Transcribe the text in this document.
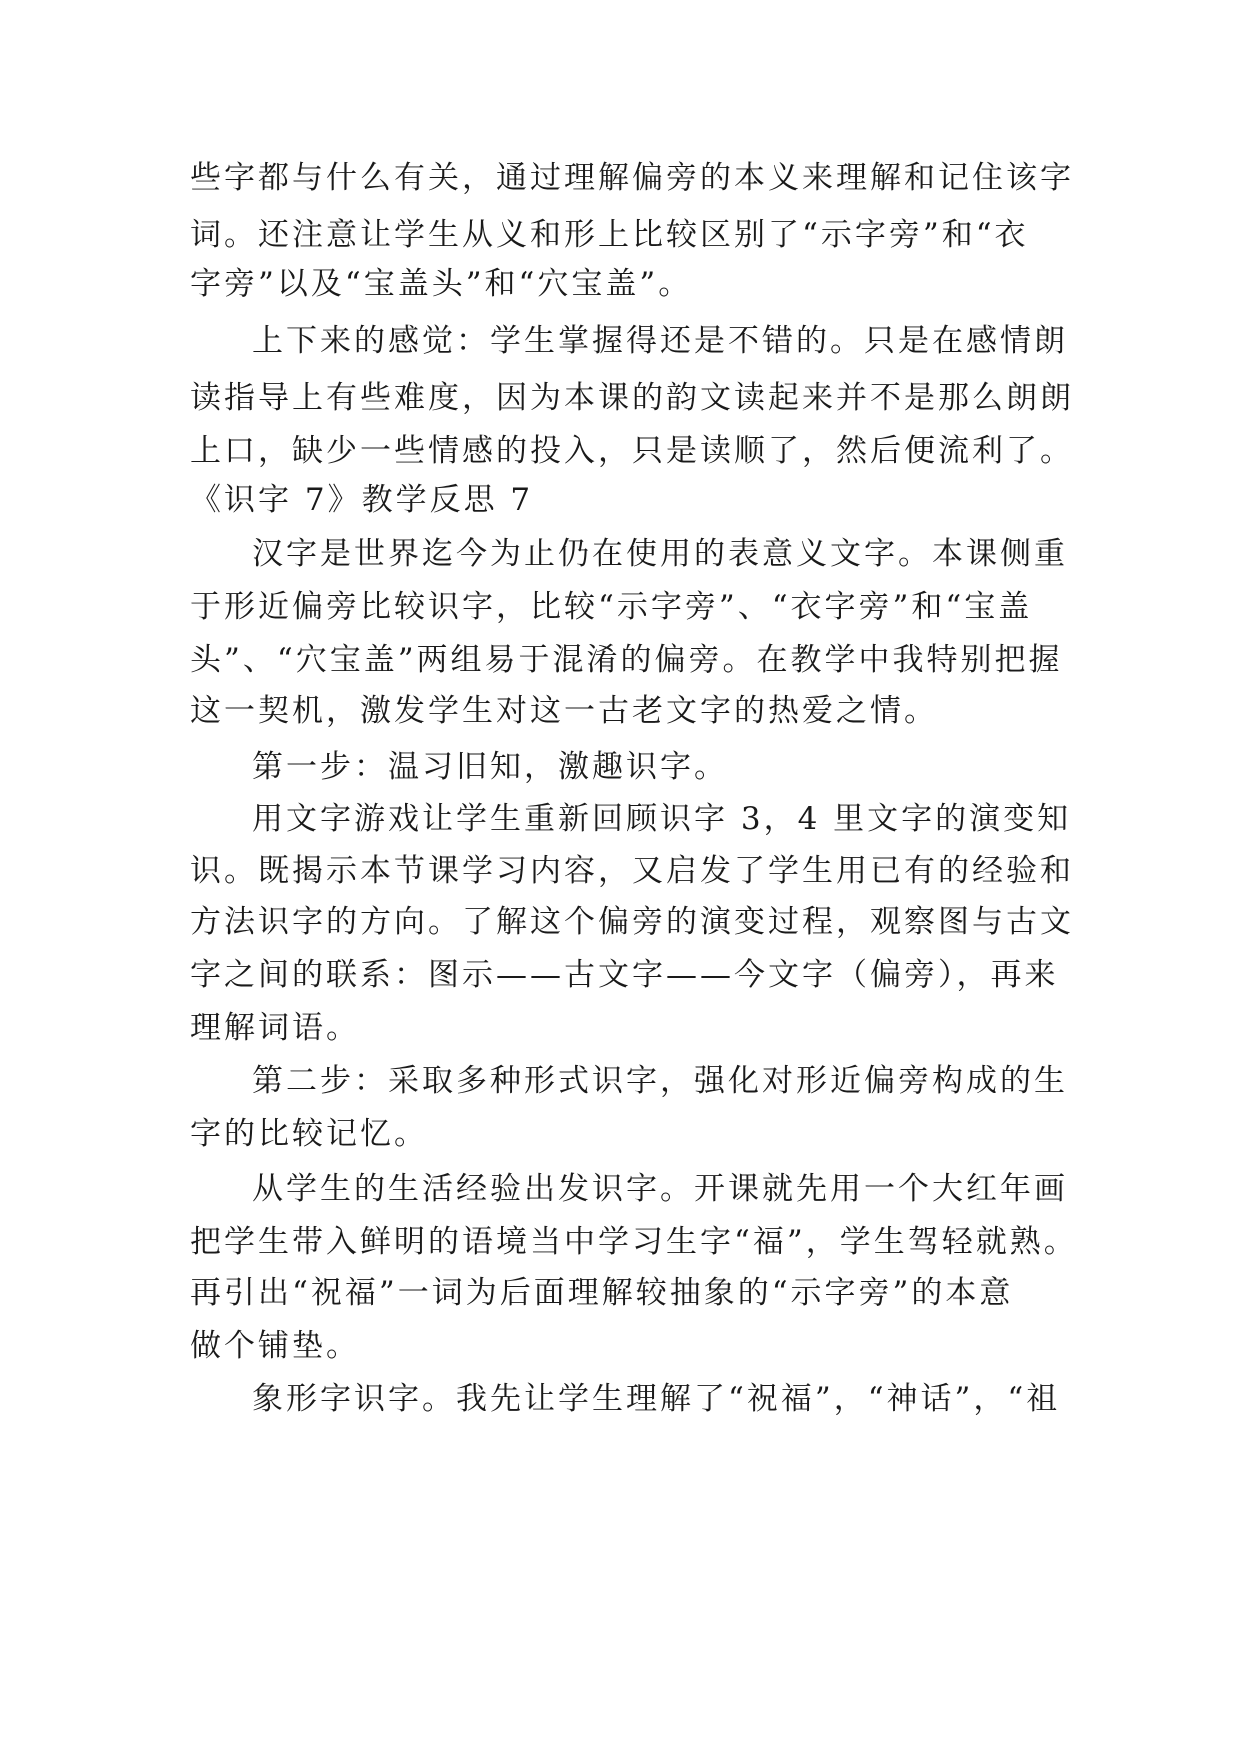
些字都与什么有关，通过理解偏旁的本义来理解和记住该字
词。还注意让学生从义和形上比较区别了“示字旁”和“衣
字旁”以及“宝盖头”和“穴宝盖”。
上下来的感觉：学生掌握得还是不错的。只是在感情朗
读指导上有些难度，因为本课的韵文读起来并不是那么朗朗
上口，缺少一些情感的投入，只是读顺了，然后便流利了。
《识字 7》教学反思 7
汉字是世界迄今为止仍在使用的表意义文字。本课侧重
于形近偏旁比较识字，比较“示字旁”、“衣字旁”和“宝盖
头”、“穴宝盖”两组易于混淆的偏旁。在教学中我特别把握
这一契机，激发学生对这一古老文字的热爱之情。
第一步：温习旧知，激趣识字。
用文字游戏让学生重新回顾识字 3，4 里文字的演变知
识。既揭示本节课学习内容，又启发了学生用已有的经验和
方法识字的方向。了解这个偏旁的演变过程，观察图与古文
字之间的联系：图示——古文字——今文字（偏旁），再来
理解词语。
第二步：采取多种形式识字，强化对形近偏旁构成的生
字的比较记忆。
从学生的生活经验出发识字。开课就先用一个大红年画
把学生带入鲜明的语境当中学习生字“福”，学生驾轻就熟。
再引出“祝福”一词为后面理解较抽象的“示字旁”的本意
做个铺垫。
象形字识字。我先让学生理解了“祝福”，“神话”，“祖
